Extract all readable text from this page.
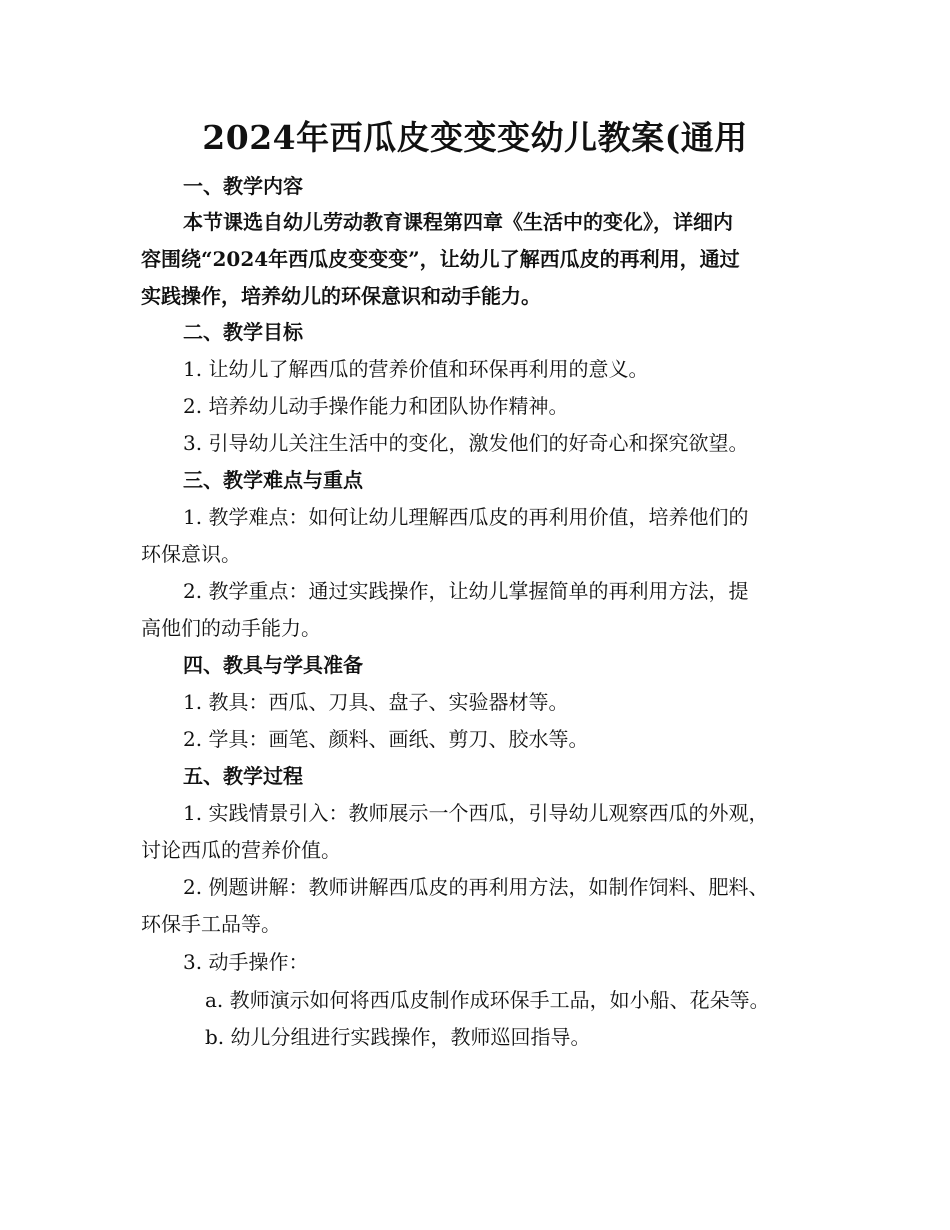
2024年西瓜皮变变变幼儿教案(通用
一、教学内容
本节课选自幼儿劳动教育课程第四章《生活中的变化》，详细内
容围绕“2024年西瓜皮变变变”，让幼儿了解西瓜皮的再利用，通过
实践操作，培养幼儿的环保意识和动手能力。
二、教学目标
1. 让幼儿了解西瓜的营养价值和环保再利用的意义。
2. 培养幼儿动手操作能力和团队协作精神。
3. 引导幼儿关注生活中的变化，激发他们的好奇心和探究欲望。
三、教学难点与重点
1. 教学难点：如何让幼儿理解西瓜皮的再利用价值，培养他们的
环保意识。
2. 教学重点：通过实践操作，让幼儿掌握简单的再利用方法，提
高他们的动手能力。
四、教具与学具准备
1. 教具：西瓜、刀具、盘子、实验器材等。
2. 学具：画笔、颜料、画纸、剪刀、胶水等。
五、教学过程
1. 实践情景引入：教师展示一个西瓜，引导幼儿观察西瓜的外观，
讨论西瓜的营养价值。
2. 例题讲解：教师讲解西瓜皮的再利用方法，如制作饲料、肥料、
环保手工品等。
3. 动手操作：
a. 教师演示如何将西瓜皮制作成环保手工品，如小船、花朵等。
b. 幼儿分组进行实践操作，教师巡回指导。
